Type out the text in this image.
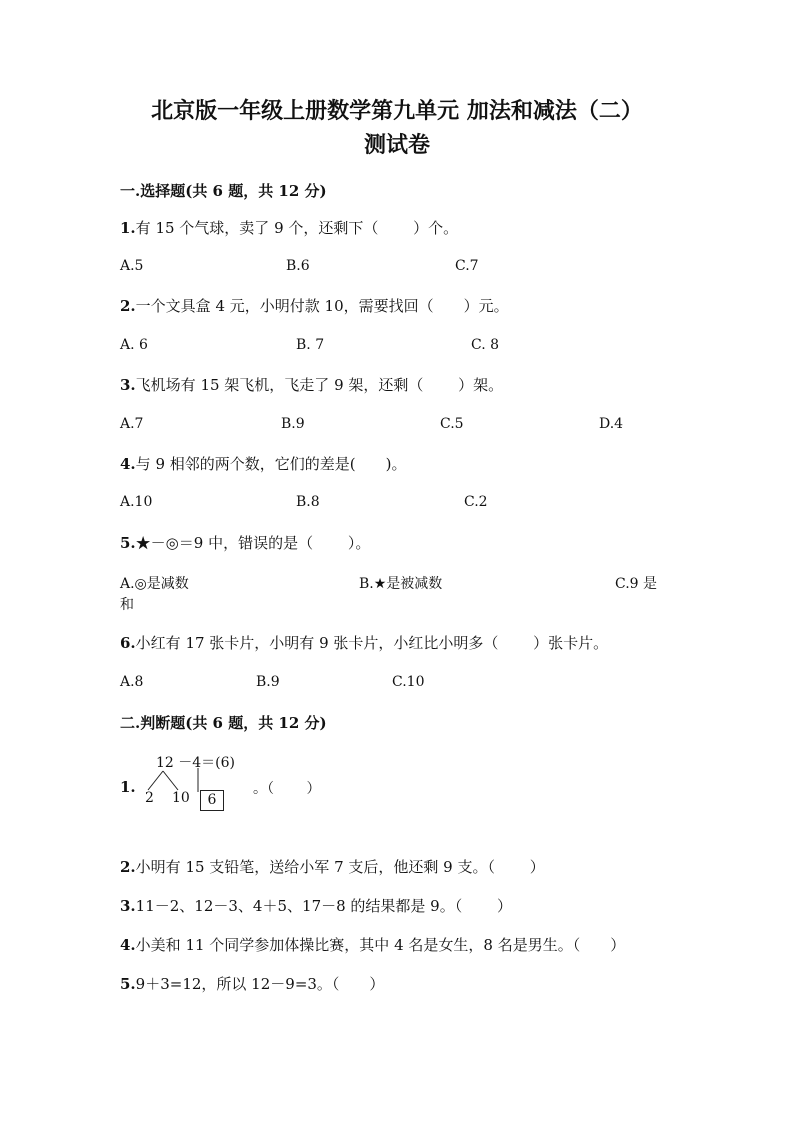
北京版一年级上册数学第九单元 加法和减法（二）
测试卷
一.选择题(共 6 题，共 12 分)
1.有 15 个气球，卖了 9 个，还剩下（　　 ）个。
A.5	B.6	C.7
2.一个文具盒 4 元，小明付款 10，需要找回（　　）元。
A. 6	B. 7	C. 8
3.飞机场有 15 架飞机，飞走了 9 架，还剩（　　 ）架。
A.7	B.9	C.5	D.4
4.与 9 相邻的两个数，它们的差是(　　)。
A.10	B.8	C.2
5.★－◎＝9 中，错误的是（　　 ）。
A.◎是减数	B.★是被减数	C.9 是
和
6.小红有 17 张卡片，小明有 9 张卡片，小红比小明多（　　 ）张卡片。
A.8	B.9	C.10
二.判断题(共 6 题，共 12 分)
1.
12 －4＝(6)
2 10	6
。（　　 ）
2.小明有 15 支铅笔，送给小军 7 支后，他还剩 9 支。（　　 ）
3.11－2、12－3、4＋5、17－8 的结果都是 9。（　　 ）
4.小美和 11 个同学参加体操比赛，其中 4 名是女生，8 名是男生。（　　）
5.9＋3=12，所以 12－9=3。（　　）
